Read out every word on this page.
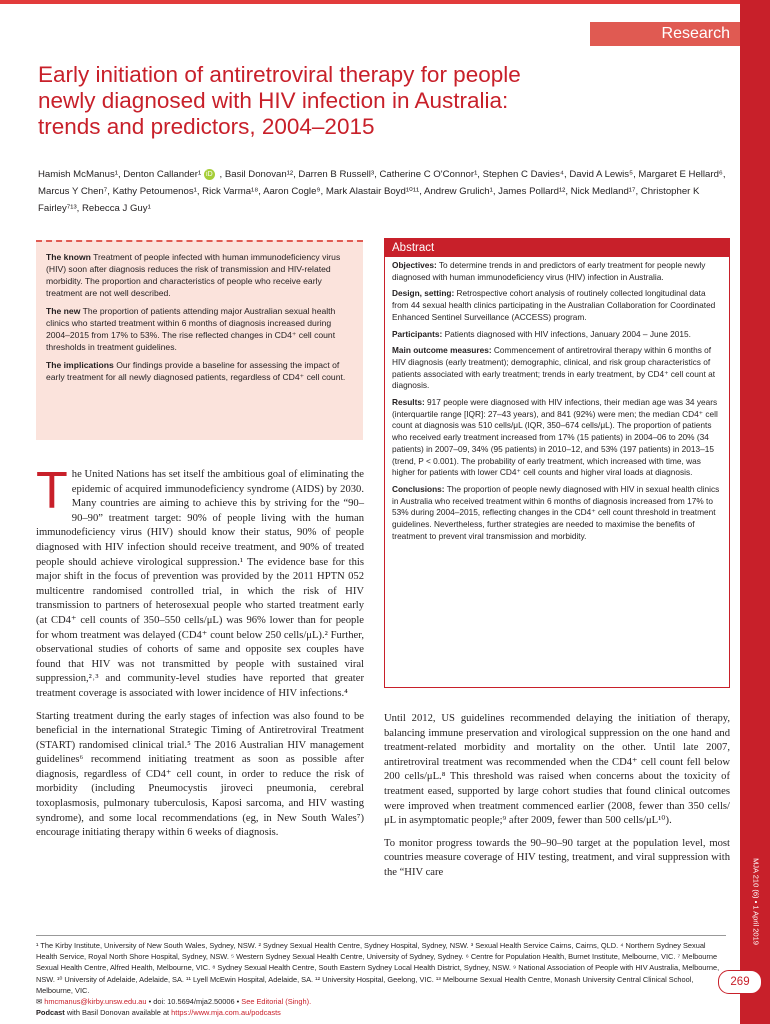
Research
Early initiation of antiretroviral therapy for people
newly diagnosed with HIV infection in Australia:
trends and predictors, 2004–2015
Hamish McManus¹, Denton Callander¹ iD , Basil Donovan¹², Darren B Russell³, Catherine C O'Connor¹, Stephen C Davies⁴, David A Lewis⁵, Margaret E Hellard⁶, Marcus Y Chen⁷, Kathy Petoumenos¹, Rick Varma¹⁸, Aaron Cogle⁹, Mark Alastair Boyd¹⁰¹¹, Andrew Grulich¹, James Pollard¹², Nick Medland¹⁷, Christopher K Fairley⁷¹³, Rebecca J Guy¹

The known Treatment of people infected with human immunodeficiency virus (HIV) soon after diagnosis reduces the risk of transmission and HIV-related morbidity. The proportion and characteristics of people who receive early treatment are not well described.

The new The proportion of patients attending major Australian sexual health clinics who started treatment within 6 months of diagnosis increased during 2004–2015 from 17% to 53%. The rise reflected changes in CD4⁺ cell count thresholds in treatment guidelines.

The implications Our findings provide a baseline for assessing the impact of early treatment for all newly diagnosed patients, regardless of CD4⁺ cell count.

Abstract

Objectives: To determine trends in and predictors of early treatment for people newly diagnosed with human immunodeficiency virus (HIV) infection in Australia.

Design, setting: Retrospective cohort analysis of routinely collected longitudinal data from 44 sexual health clinics participating in the Australian Collaboration for Coordinated Enhanced Sentinel Surveillance (ACCESS) program.

Participants: Patients diagnosed with HIV infections, January 2004 – June 2015.

Main outcome measures: Commencement of antiretroviral therapy within 6 months of HIV diagnosis (early treatment); demographic, clinical, and risk group characteristics of patients associated with early treatment; trends in early treatment, by CD4⁺ cell count at diagnosis.

Results: 917 people were diagnosed with HIV infections, their median age was 34 years (interquartile range [IQR]: 27–43 years), and 841 (92%) were men; the median CD4⁺ cell count at diagnosis was 510 cells/μL (IQR, 350–674 cells/μL). The proportion of patients who received early treatment increased from 17% (15 patients) in 2004–06 to 20% (34 patients) in 2007–09, 34% (95 patients) in 2010–12, and 53% (197 patients) in 2013–15 (trend, P < 0.001). The probability of early treatment, which increased with time, was higher for patients with lower CD4⁺ cell counts and higher viral loads at diagnosis.

Conclusions: The proportion of people newly diagnosed with HIV in sexual health clinics in Australia who received treatment within 6 months of diagnosis increased from 17% to 53% during 2004–2015, reflecting changes in the CD4⁺ cell count threshold in treatment guidelines. Nevertheless, further strategies are needed to maximise the benefits of treatment to prevent viral transmission and morbidity.

The United Nations has set itself the ambitious goal of eliminating the epidemic of acquired immunodeficiency syndrome (AIDS) by 2030. Many countries are aiming to achieve this by striving for the “90–90–90” treatment target: 90% of people living with the human immunodeficiency virus (HIV) should know their status, 90% of people diagnosed with HIV infection should receive treatment, and 90% of treated people should achieve virological suppression.¹ The evidence base for this major shift in the focus of prevention was provided by the 2011 HPTN 052 multicentre randomised controlled trial, in which the risk of HIV transmission to partners of heterosexual people who started treatment early (at CD4⁺ cell counts of 350–550 cells/μL) was 96% lower than for people for whom treatment was delayed (CD4⁺ count below 250 cells/μL).² Further, observational studies of cohorts of same and opposite sex couples have found that HIV was not transmitted by people with sustained viral suppression,²˒³ and community-level studies have reported that greater treatment coverage is associated with lower incidence of HIV infections.⁴

Starting treatment during the early stages of infection was also found to be beneficial in the international Strategic Timing of Antiretroviral Treatment (START) randomised clinical trial.⁵ The 2016 Australian HIV management guidelines⁶ recommend initiating treatment as soon as possible after diagnosis, regardless of CD4⁺ cell count, in order to reduce the risk of morbidity (including Pneumocystis jiroveci pneumonia, cerebral toxoplasmosis, pulmonary tuberculosis, Kaposi sarcoma, and HIV wasting syndrome), and some local recommendations (eg, in New South Wales⁷) encourage initiating therapy within 6 weeks of diagnosis.

Until 2012, US guidelines recommended delaying the initiation of therapy, balancing immune preservation and virological suppression on the one hand and treatment-related morbidity and mortality on the other. Until late 2007, antiretroviral treatment was recommended when the CD4⁺ cell count fell below 200 cells/μL.⁸ This threshold was raised when concerns about the toxicity of treatment eased, supported by large cohort studies that found clinical outcomes were improved when treatment commenced earlier (2008, fewer than 350 cells/μL in asymptomatic people;⁹ after 2009, fewer than 500 cells/μL¹⁰).

To monitor progress towards the 90–90–90 target at the population level, most countries measure coverage of HIV testing, treatment, and viral suppression with the “HIV care

¹ The Kirby Institute, University of New South Wales, Sydney, NSW. ² Sydney Sexual Health Centre, Sydney Hospital, Sydney, NSW. ³ Sexual Health Service Cairns, Cairns, QLD. ⁴ Northern Sydney Sexual Health Service, Royal North Shore Hospital, Sydney, NSW. ⁵ Western Sydney Sexual Health Centre, University of Sydney, Sydney. ⁶ Centre for Population Health, Burnet Institute, Melbourne, VIC. ⁷ Melbourne Sexual Health Centre, Alfred Health, Melbourne, VIC. ⁸ Sydney Sexual Health Centre, South Eastern Sydney Local Health District, Sydney, NSW. ⁹ National Association of People with HIV Australia, Melbourne, NSW. ¹⁰ University of Adelaide, Adelaide, SA. ¹¹ Lyell McEwin Hospital, Adelaide, SA. ¹² University Hospital, Geelong, VIC. ¹³ Melbourne Sexual Health Centre, Monash University Central Clinical School, Melbourne, VIC.

✉ hmcmanus@kirby.unsw.edu.au • doi: 10.5694/mja2.50006 • See Editorial (Singh).

Podcast with Basil Donovan available at https://www.mja.com.au/podcasts

MJA 210 (6) ▪ 1 April 2019
269
